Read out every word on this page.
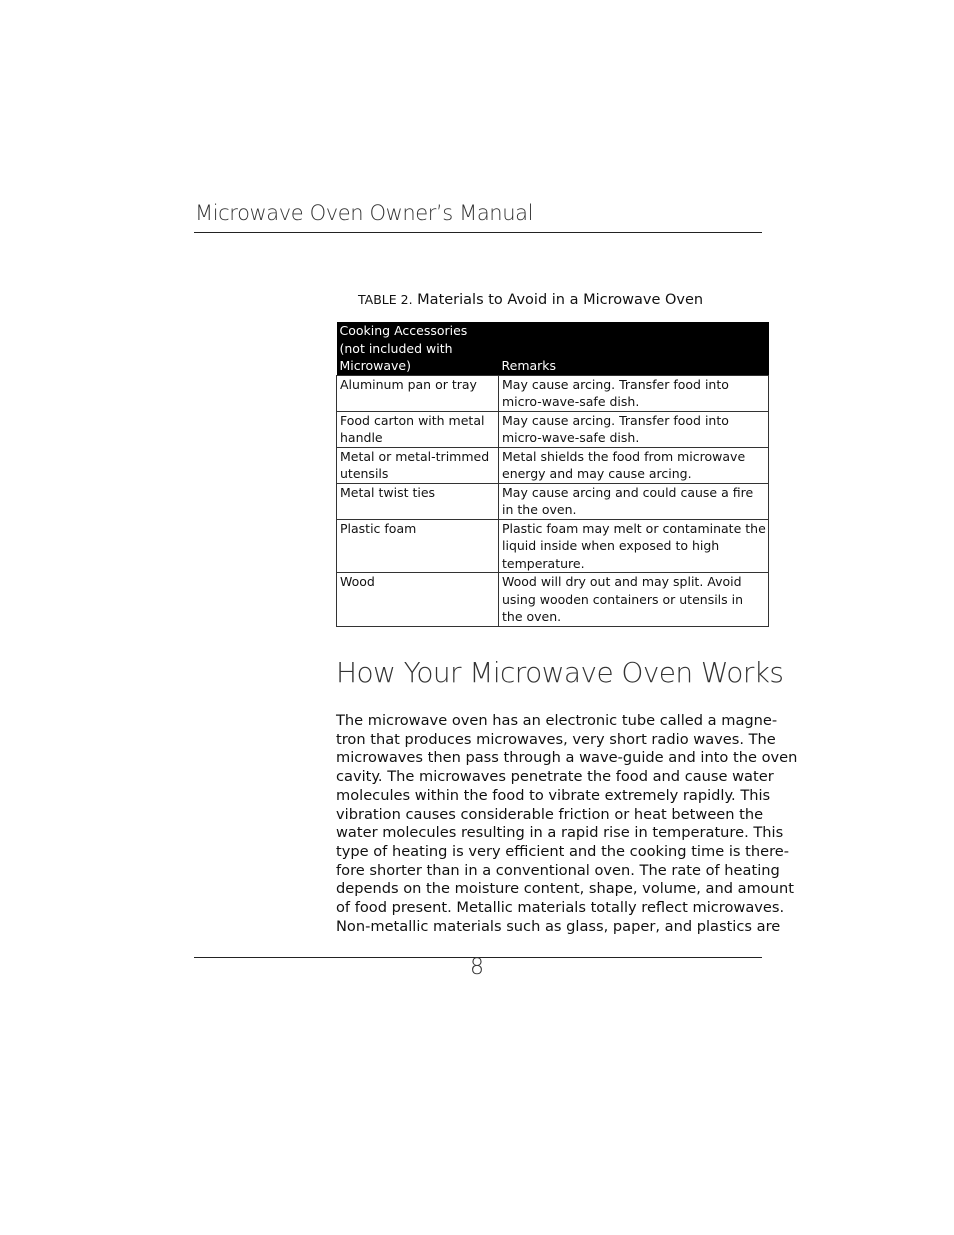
Microwave Oven Owner’s Manual
TABLE 2. Materials to Avoid in a Microwave Oven
Cooking Accessories (not included with Microwave)	Remarks
Aluminum pan or tray	May cause arcing. Transfer food into micro-wave-safe dish.
Food carton with metal handle	May cause arcing. Transfer food into micro-wave-safe dish.
Metal or metal-trimmed utensils	Metal shields the food from microwave energy and may cause arcing.
Metal twist ties	May cause arcing and could cause a fire in the oven.
Plastic foam	Plastic foam may melt or contaminate the liquid inside when exposed to high temperature.
Wood	Wood will dry out and may split. Avoid using wooden containers or utensils in the oven.
How Your Microwave Oven Works
The microwave oven has an electronic tube called a magne-
tron that produces microwaves, very short radio waves. The
microwaves then pass through a wave-guide and into the oven
cavity. The microwaves penetrate the food and cause water
molecules within the food to vibrate extremely rapidly. This
vibration causes considerable friction or heat between the
water molecules resulting in a rapid rise in temperature. This
type of heating is very efficient and the cooking time is there-
fore shorter than in a conventional oven. The rate of heating
depends on the moisture content, shape, volume, and amount
of food present. Metallic materials totally reflect microwaves.
Non-metallic materials such as glass, paper, and plastics are
8
